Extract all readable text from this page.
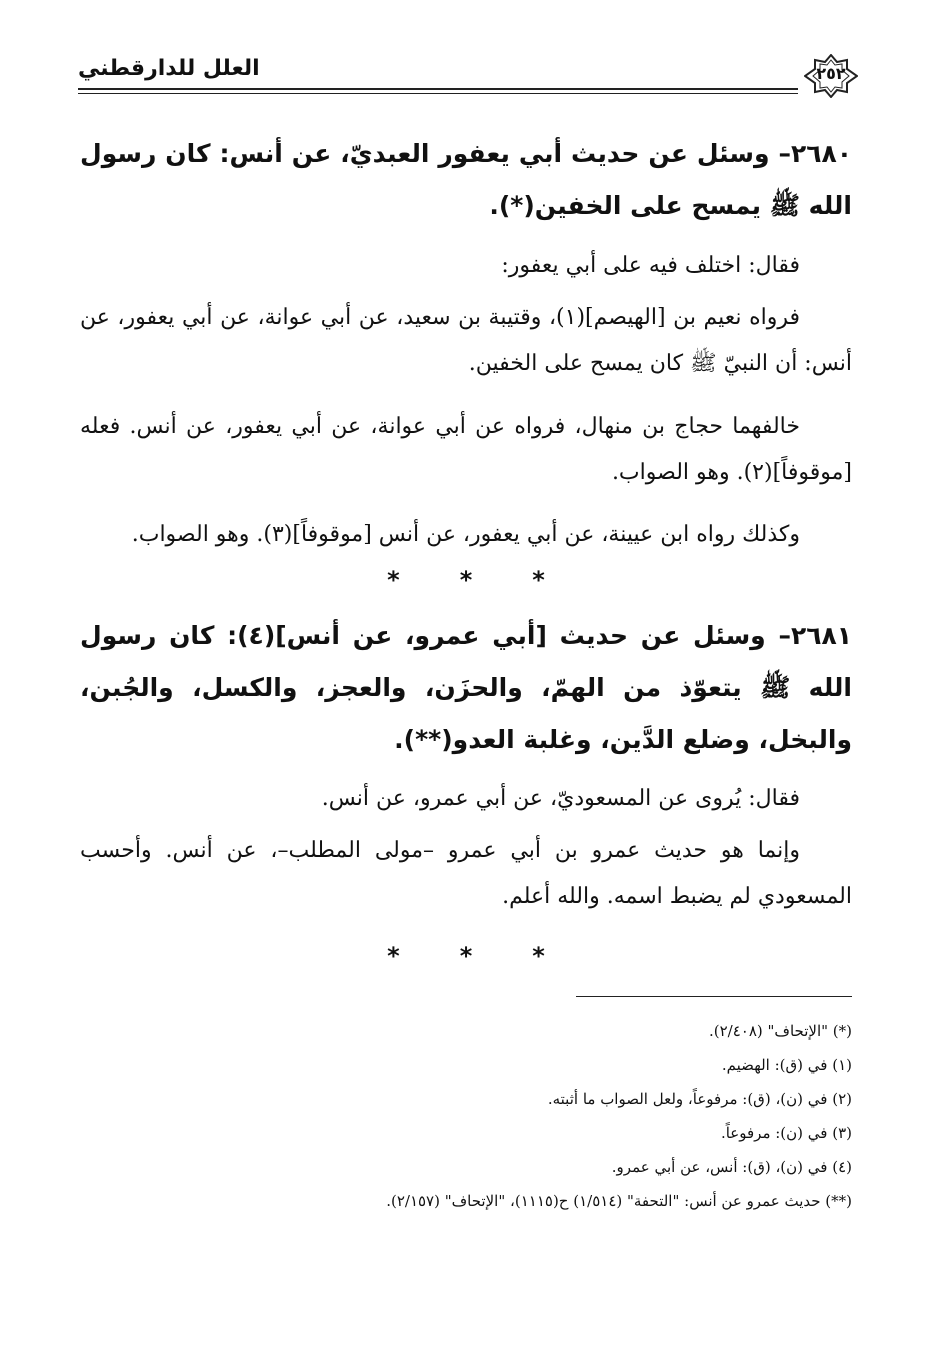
العلل للدارقطني	٢٥٢
٢٦٨٠– وسئل عن حديث أبي يعفور العبديّ، عن أنس: كان رسول الله ﷺ يمسح على الخفين(*).
فقال: اختلف فيه على أبي يعفور:
فرواه نعيم بن [الهيصم](١)، وقتيبة بن سعيد، عن أبي عوانة، عن أبي يعفور، عن أنس: أن النبيّ ﷺ كان يمسح على الخفين.
خالفهما حجاج بن منهال، فرواه عن أبي عوانة، عن أبي يعفور، عن أنس. فعله [موقوفاً](٢). وهو الصواب.
وكذلك رواه ابن عيينة، عن أبي يعفور، عن أنس [موقوفاً](٣). وهو الصواب.
***
٢٦٨١– وسئل عن حديث [أبي عمرو، عن أنس](٤): كان رسول الله ﷺ يتعوّذ من الهمّ، والحزَن، والعجز، والكسل، والجُبن، والبخل، وضلع الدَّين، وغلبة العدو(**).
فقال: يُروى عن المسعوديّ، عن أبي عمرو، عن أنس.
وإنما هو حديث عمرو بن أبي عمرو –مولى المطلب–، عن أنس. وأحسب المسعودي لم يضبط اسمه. والله أعلم.
***
(*) "الإتحاف" (٢/٤٠٨).
(١) في (ق): الهضيم.
(٢) في (ن)، (ق): مرفوعاً، ولعل الصواب ما أثبته.
(٣) في (ن): مرفوعاً.
(٤) في (ن)، (ق): أنس، عن أبي عمرو.
(**) حديث عمرو عن أنس: "التحفة" (١/٥١٤) ح(١١١٥)، "الإتحاف" (٢/١٥٧).
